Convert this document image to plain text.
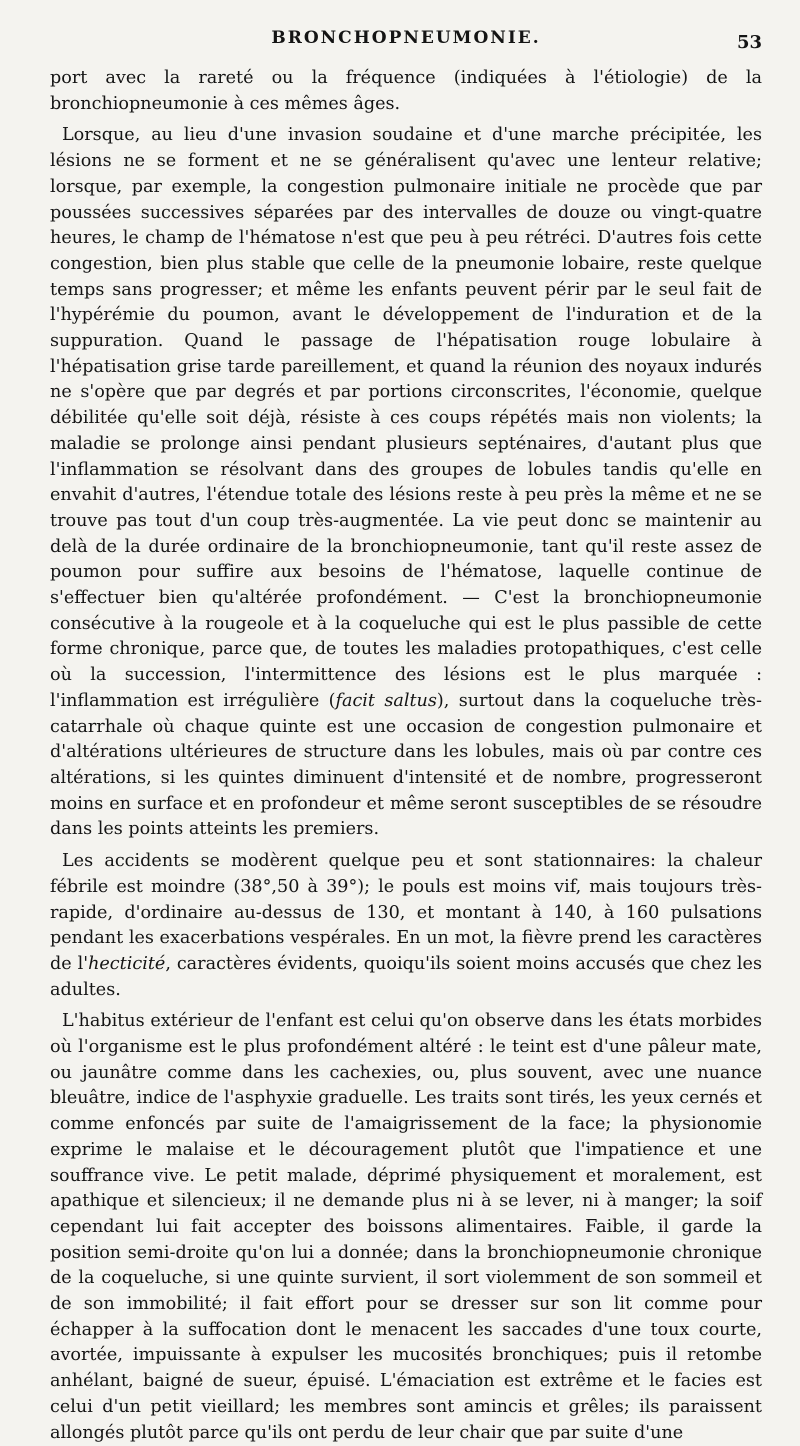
BRONCHOPNEUMONIE.	53

port avec la rareté ou la fréquence (indiquées à l'étiologie) de la bronchiopneumonie à ces mêmes âges.

Lorsque, au lieu d'une invasion soudaine et d'une marche précipitée, les lésions ne se forment et ne se généralisent qu'avec une lenteur relative; lorsque, par exemple, la congestion pulmonaire initiale ne procède que par poussées successives séparées par des intervalles de douze ou vingt-quatre heures, le champ de l'hématose n'est que peu à peu rétréci. D'autres fois cette congestion, bien plus stable que celle de la pneumonie lobaire, reste quelque temps sans progresser; et même les enfants peuvent périr par le seul fait de l'hypérémie du poumon, avant le développement de l'induration et de la suppuration. Quand le passage de l'hépatisation rouge lobulaire à l'hépatisation grise tarde pareillement, et quand la réunion des noyaux indurés ne s'opère que par degrés et par portions circonscrites, l'économie, quelque débilitée qu'elle soit déjà, résiste à ces coups répétés mais non violents; la maladie se prolonge ainsi pendant plusieurs septénaires, d'autant plus que l'inflammation se résolvant dans des groupes de lobules tandis qu'elle en envahit d'autres, l'étendue totale des lésions reste à peu près la même et ne se trouve pas tout d'un coup très-augmentée. La vie peut donc se maintenir au delà de la durée ordinaire de la bronchiopneumonie, tant qu'il reste assez de poumon pour suffire aux besoins de l'hématose, laquelle continue de s'effectuer bien qu'altérée profondément. — C'est la bronchiopneumonie consécutive à la rougeole et à la coqueluche qui est le plus passible de cette forme chronique, parce que, de toutes les maladies protopathiques, c'est celle où la succession, l'intermittence des lésions est le plus marquée : l'inflammation est irrégulière (facit saltus), surtout dans la coqueluche très-catarrhale où chaque quinte est une occasion de congestion pulmonaire et d'altérations ultérieures de structure dans les lobules, mais où par contre ces altérations, si les quintes diminuent d'intensité et de nombre, progresseront moins en surface et en profondeur et même seront susceptibles de se résoudre dans les points atteints les premiers.

Les accidents se modèrent quelque peu et sont stationnaires: la chaleur fébrile est moindre (38°,50 à 39°); le pouls est moins vif, mais toujours très-rapide, d'ordinaire au-dessus de 130, et montant à 140, à 160 pulsations pendant les exacerbations vespérales. En un mot, la fièvre prend les caractères de l'hecticité, caractères évidents, quoiqu'ils soient moins accusés que chez les adultes.

L'habitus extérieur de l'enfant est celui qu'on observe dans les états morbides où l'organisme est le plus profondément altéré : le teint est d'une pâleur mate, ou jaunâtre comme dans les cachexies, ou, plus souvent, avec une nuance bleuâtre, indice de l'asphyxie graduelle. Les traits sont tirés, les yeux cernés et comme enfoncés par suite de l'amaigrissement de la face; la physionomie exprime le malaise et le découragement plutôt que l'impatience et une souffrance vive. Le petit malade, déprimé physiquement et moralement, est apathique et silencieux; il ne demande plus ni à se lever, ni à manger; la soif cependant lui fait accepter des boissons alimentaires. Faible, il garde la position semi-droite qu'on lui a donnée; dans la bronchiopneumonie chronique de la coqueluche, si une quinte survient, il sort violemment de son sommeil et de son immobilité; il fait effort pour se dresser sur son lit comme pour échapper à la suffocation dont le menacent les saccades d'une toux courte, avortée, impuissante à expulser les mucosités bronchiques; puis il retombe anhélant, baigné de sueur, épuisé. L'émaciation est extrême et le facies est celui d'un petit vieillard; les membres sont amincis et grêles; ils paraissent allongés plutôt parce qu'ils ont perdu de leur chair que par suite d'une
